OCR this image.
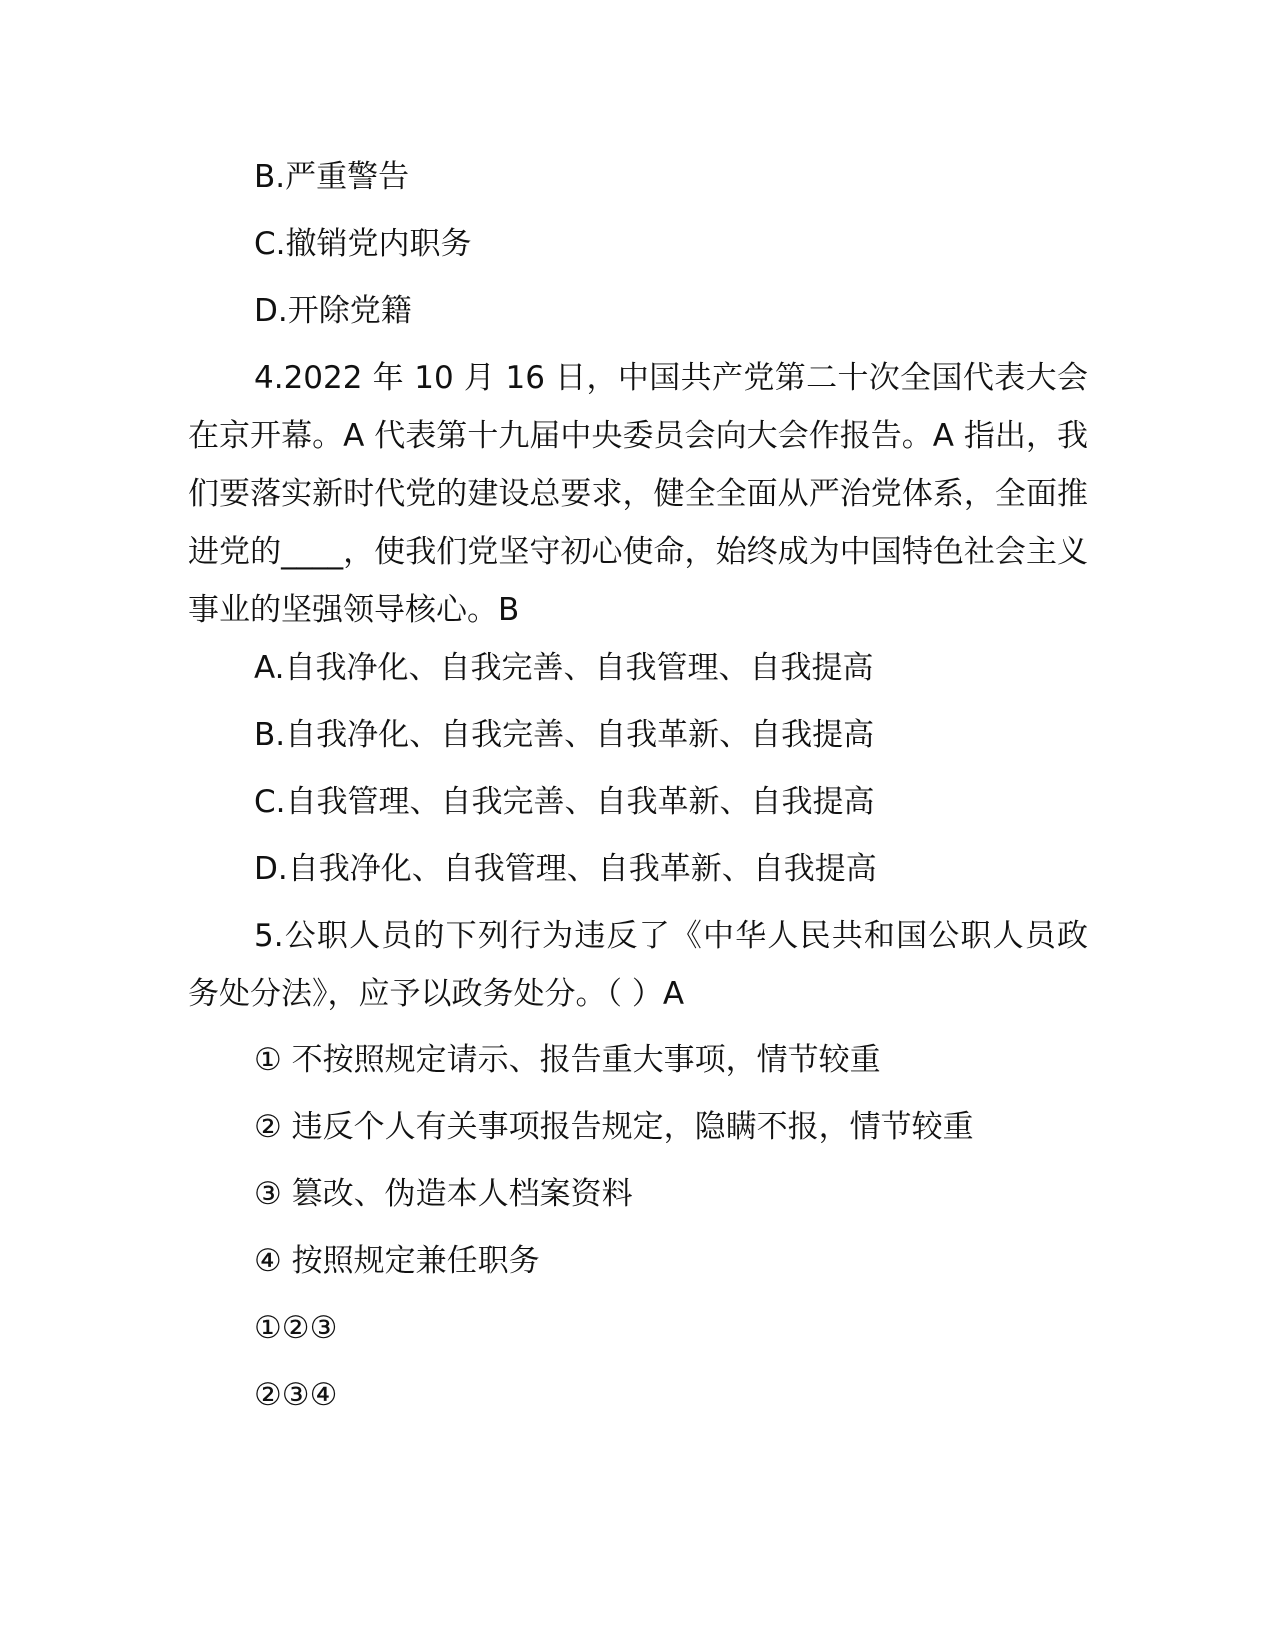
B.严重警告
C.撤销党内职务
D.开除党籍
4.2022 年 10 月 16 日，中国共产党第二十次全国代表大会在京开幕。A 代表第十九届中央委员会向大会作报告。A 指出，我们要落实新时代党的建设总要求，健全全面从严治党体系，全面推进党的____，使我们党坚守初心使命，始终成为中国特色社会主义事业的坚强领导核心。B
A.自我净化、自我完善、自我管理、自我提高
B.自我净化、自我完善、自我革新、自我提高
C.自我管理、自我完善、自我革新、自我提高
D.自我净化、自我管理、自我革新、自我提高
5.公职人员的下列行为违反了《中华人民共和国公职人员政务处分法》，应予以政务处分。（ ）A
① 不按照规定请示、报告重大事项，情节较重
② 违反个人有关事项报告规定，隐瞒不报，情节较重
③ 篡改、伪造本人档案资料
④ 按照规定兼任职务
①②③
②③④
